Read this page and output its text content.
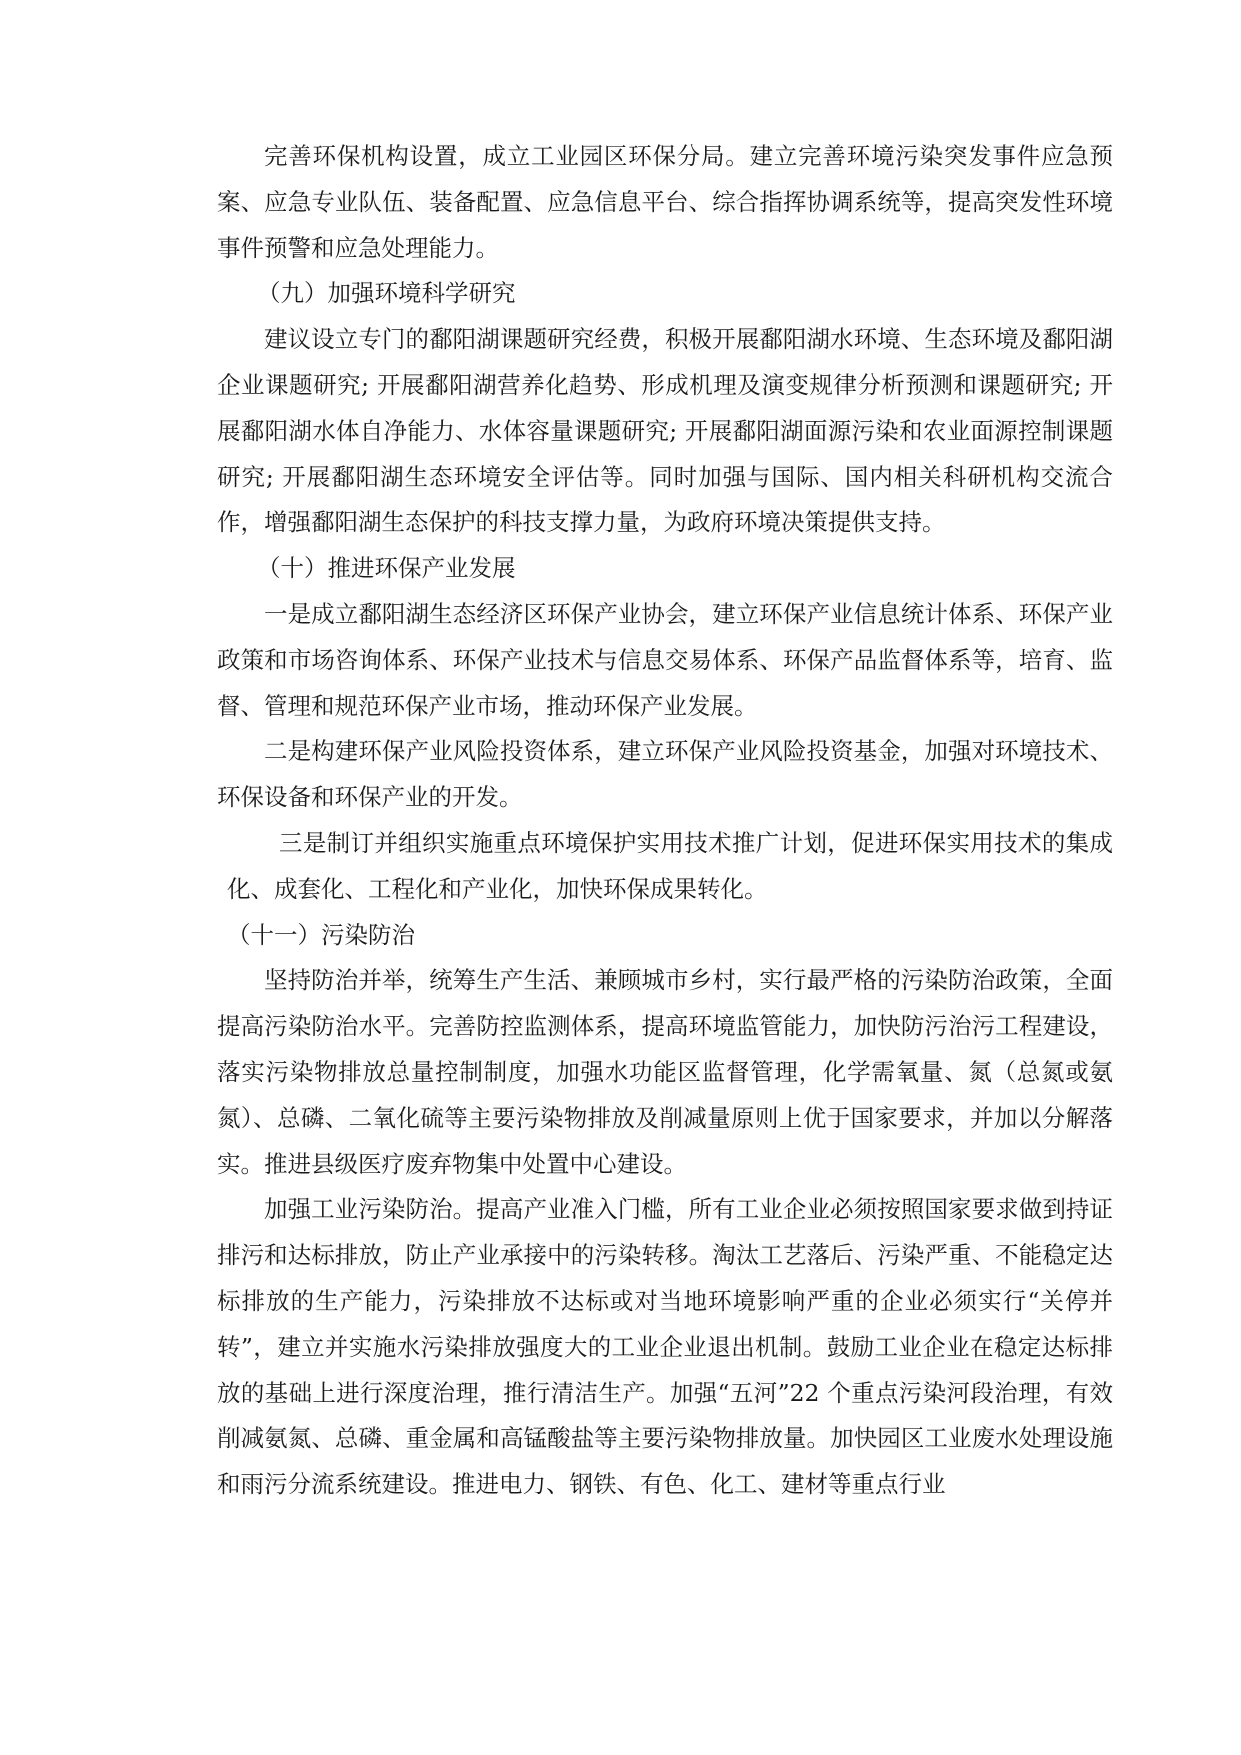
完善环保机构设置，成立工业园区环保分局。建立完善环境污染突发事件应急预案、应急专业队伍、装备配置、应急信息平台、综合指挥协调系统等，提高突发性环境事件预警和应急处理能力。

（九）加强环境科学研究

建议设立专门的鄱阳湖课题研究经费，积极开展鄱阳湖水环境、生态环境及鄱阳湖企业课题研究; 开展鄱阳湖营养化趋势、形成机理及演变规律分析预测和课题研究; 开展鄱阳湖水体自净能力、水体容量课题研究; 开展鄱阳湖面源污染和农业面源控制课题研究; 开展鄱阳湖生态环境安全评估等。同时加强与国际、国内相关科研机构交流合作，增强鄱阳湖生态保护的科技支撑力量，为政府环境决策提供支持。

（十）推进环保产业发展

一是成立鄱阳湖生态经济区环保产业协会，建立环保产业信息统计体系、环保产业政策和市场咨询体系、环保产业技术与信息交易体系、环保产品监督体系等，培育、监督、管理和规范环保产业市场，推动环保产业发展。

二是构建环保产业风险投资体系，建立环保产业风险投资基金，加强对环境技术、环保设备和环保产业的开发。

三是制订并组织实施重点环境保护实用技术推广计划，促进环保实用技术的集成化、成套化、工程化和产业化，加快环保成果转化。

（十一）污染防治

坚持防治并举，统筹生产生活、兼顾城市乡村，实行最严格的污染防治政策，全面提高污染防治水平。完善防控监测体系，提高环境监管能力，加快防污治污工程建设，落实污染物排放总量控制制度，加强水功能区监督管理，化学需氧量、氮（总氮或氨氮）、总磷、二氧化硫等主要污染物排放及削减量原则上优于国家要求，并加以分解落实。推进县级医疗废弃物集中处置中心建设。

加强工业污染防治。提高产业准入门槛，所有工业企业必须按照国家要求做到持证排污和达标排放，防止产业承接中的污染转移。淘汰工艺落后、污染严重、不能稳定达标排放的生产能力，污染排放不达标或对当地环境影响严重的企业必须实行“关停并转”，建立并实施水污染排放强度大的工业企业退出机制。鼓励工业企业在稳定达标排放的基础上进行深度治理，推行清洁生产。加强“五河”22 个重点污染河段治理，有效削减氨氮、总磷、重金属和高锰酸盐等主要污染物排放量。加快园区工业废水处理设施和雨污分流系统建设。推进电力、钢铁、有色、化工、建材等重点行业
